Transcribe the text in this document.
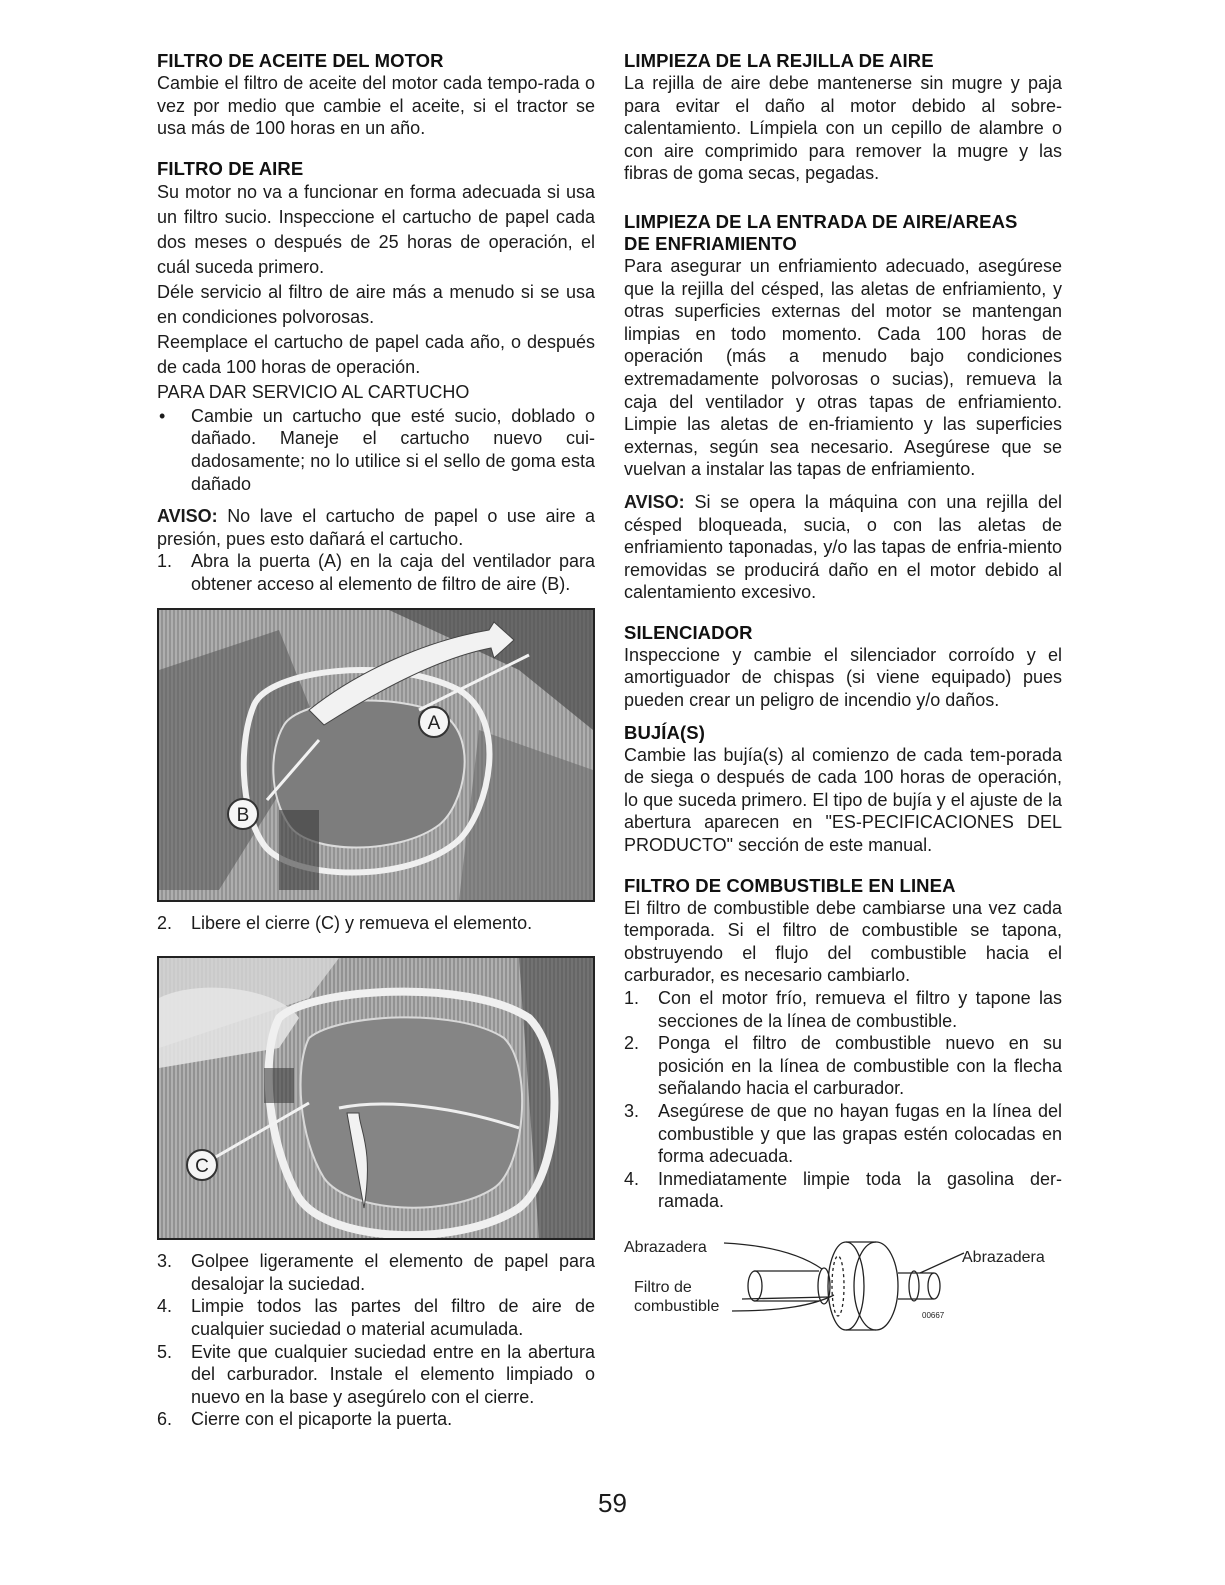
FILTRO DE ACEITE DEL MOTOR

Cambie el filtro de aceite del motor cada tempo-rada o vez por medio que cambie el aceite, si el tractor se usa más de 100 horas en un año.

FILTRO DE AIRE

Su motor no va a funcionar en forma adecuada si usa un filtro sucio. Inspeccione el cartucho de papel cada dos meses o después de 25 horas de operación, el cuál suceda primero.

Déle servicio al filtro de aire más a menudo si se usa en condiciones polvorosas.

Reemplace el cartucho de papel cada año, o después de cada 100 horas de operación.

PARA DAR SERVICIO AL CARTUCHO

• Cambie un cartucho que esté sucio, doblado o dañado. Maneje el cartucho nuevo cui-dadosamente; no lo utilice si el sello de goma esta dañado

AVISO: No lave el cartucho de papel o use aire a presión, pues esto dañará el cartucho.

1. Abra la puerta (A) en la caja del ventilador para obtener acceso al elemento de filtro de aire (B).
A
B
2. Libere el cierre (C) y remueva el elemento.
C
3. Golpee ligeramente el elemento de papel para desalojar la suciedad.
4. Limpie todos las partes del filtro de aire de cualquier suciedad o material acumulada.
5. Evite que cualquier suciedad entre en la abertura del carburador. Instale el elemento limpiado o nuevo en la base y asegúrelo con el cierre.
6. Cierre con el picaporte la puerta.
LIMPIEZA DE LA REJILLA DE AIRE

La rejilla de aire debe mantenerse sin mugre y paja para evitar el daño al motor debido al sobre-calentamiento. Límpiela con un cepillo de alambre o con aire comprimido para remover la mugre y las fibras de goma secas, pegadas.

LIMPIEZA DE LA ENTRADA DE AIRE/AREAS
DE ENFRIAMIENTO

Para asegurar un enfriamiento adecuado, asegúrese que la rejilla del césped, las aletas de enfriamiento, y otras superficies externas del motor se mantengan limpias en todo momento. Cada 100 horas de operación (más a menudo bajo condiciones extremadamente polvorosas o sucias), remueva la caja del ventilador y otras tapas de enfriamiento. Limpie las aletas de en-friamiento y las superficies externas, según sea necesario. Asegúrese que se vuelvan a instalar las tapas de enfriamiento.

AVISO: Si se opera la máquina con una rejilla del césped bloqueada, sucia, o con las aletas de enfriamiento taponadas, y/o las tapas de enfria-miento removidas se producirá daño en el motor debido al calentamiento excesivo.

SILENCIADOR

Inspeccione y cambie el silenciador corroído y el amortiguador de chispas (si viene equipado) pues pueden crear un peligro de incendio y/o daños.

BUJÍA(S)

Cambie las bujía(s) al comienzo de cada tem-porada de siega o después de cada 100 horas de operación, lo que suceda primero. El tipo de bujía y el ajuste de la abertura aparecen en "ES-PECIFICACIONES DEL PRODUCTO" sección de este manual.

FILTRO DE COMBUSTIBLE EN LINEA

El filtro de combustible debe cambiarse una vez cada temporada. Si el filtro de combustible se tapona, obstruyendo el flujo del combustible hacia el carburador, es necesario cambiarlo.

1. Con el motor frío, remueva el filtro y tapone las secciones de la línea de combustible.
2. Ponga el filtro de combustible nuevo en su posición en la línea de combustible con la flecha señalando hacia el carburador.
3. Asegúrese de que no hayan fugas en la línea del combustible y que las grapas estén colocadas en forma adecuada.
4. Inmediatamente limpie toda la gasolina der-ramada.
Abrazadera
Abrazadera
Filtro de
combustible
00667
59
